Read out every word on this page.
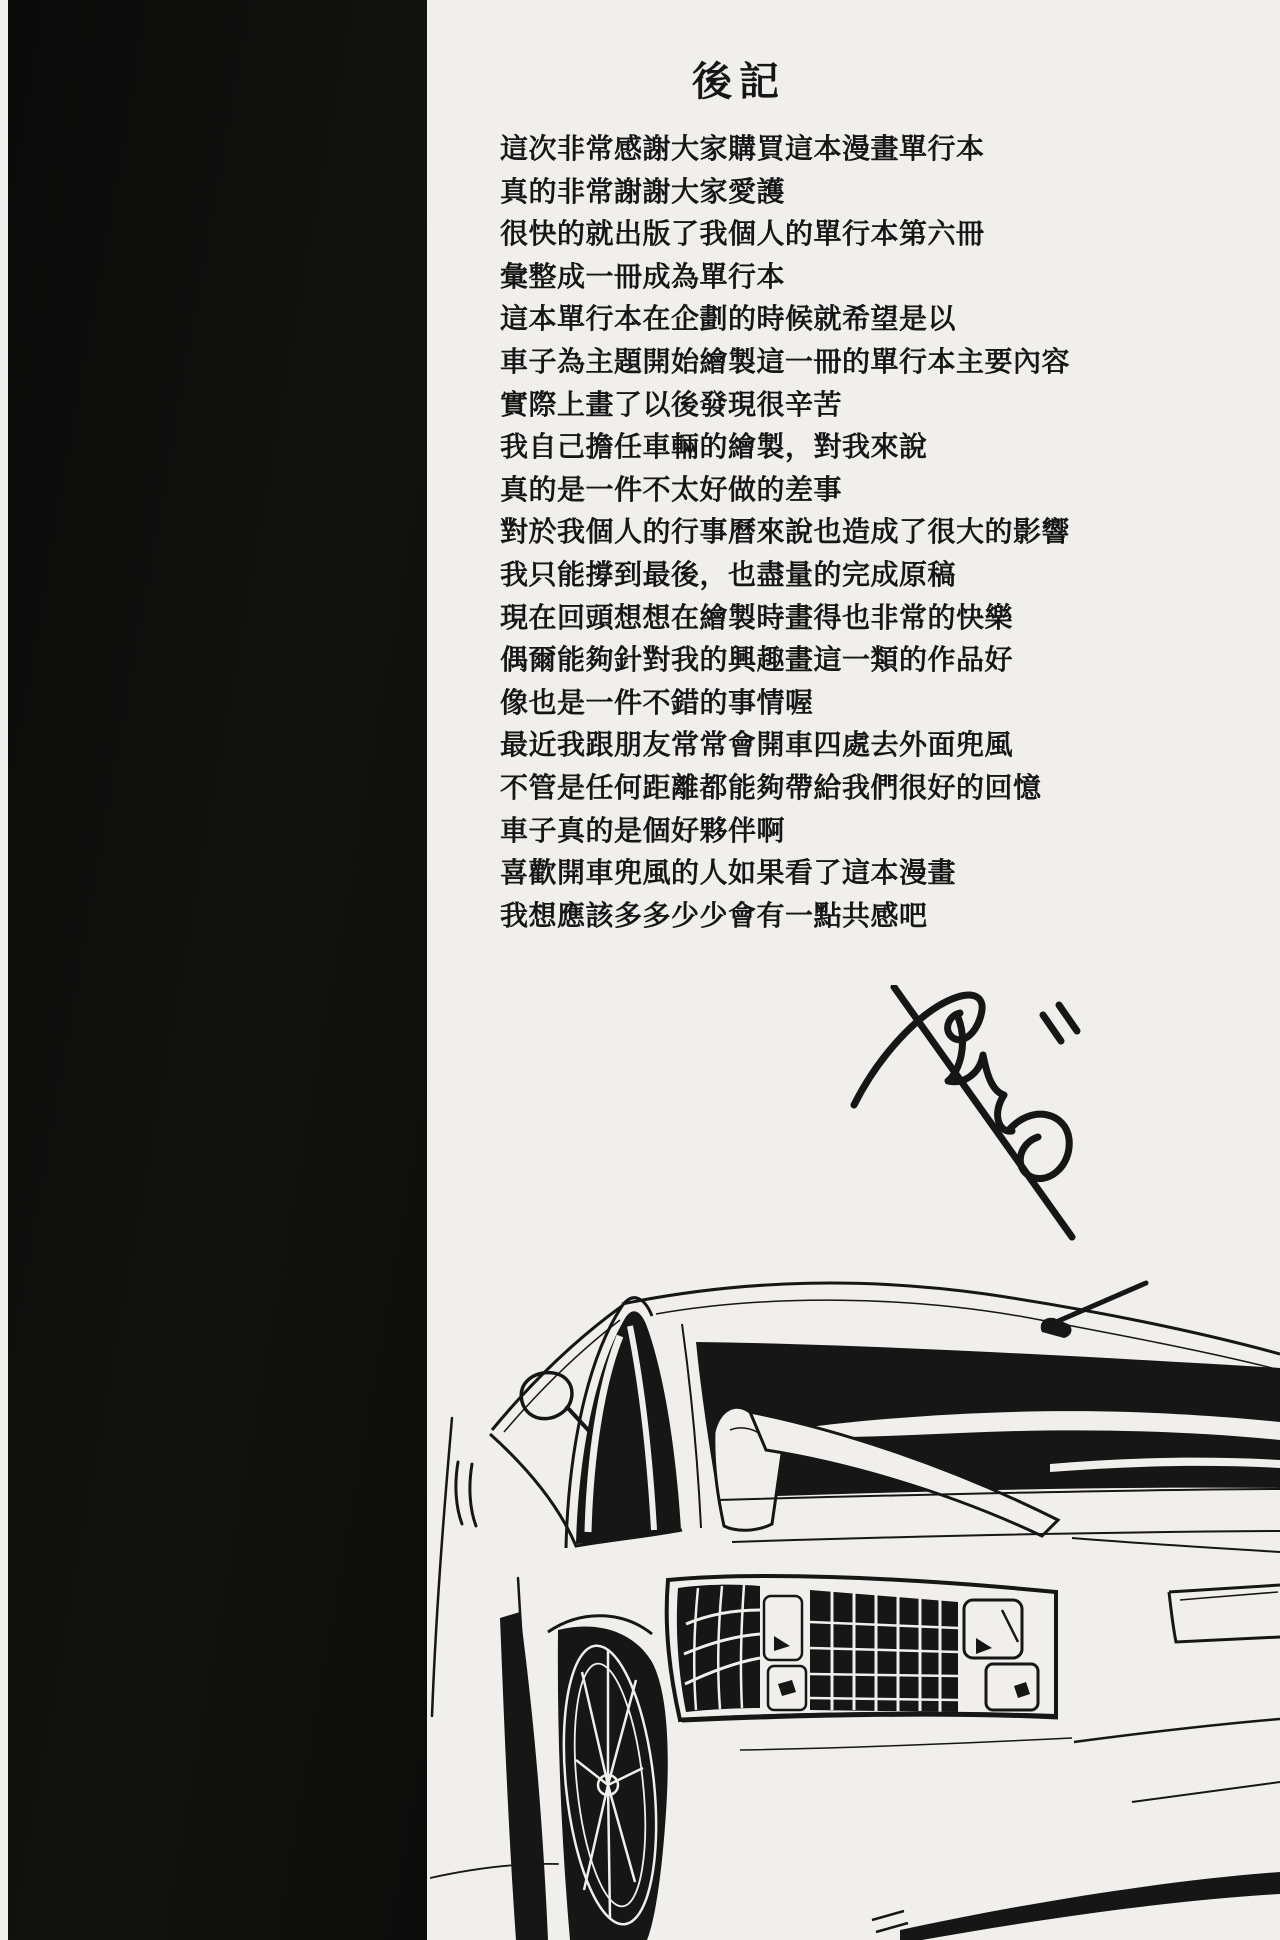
後記
這次非常感謝大家購買這本漫畫單行本
真的非常謝謝大家愛護
很快的就出版了我個人的單行本第六冊
彙整成一冊成為單行本
這本單行本在企劃的時候就希望是以
車子為主題開始繪製這一冊的單行本主要內容
實際上畫了以後發現很辛苦
我自己擔任車輛的繪製，對我來說
真的是一件不太好做的差事
對於我個人的行事曆來說也造成了很大的影響
我只能撐到最後，也盡量的完成原稿
現在回頭想想在繪製時畫得也非常的快樂
偶爾能夠針對我的興趣畫這一類的作品好
像也是一件不錯的事情喔
最近我跟朋友常常會開車四處去外面兜風
不管是任何距離都能夠帶給我們很好的回憶
車子真的是個好夥伴啊
喜歡開車兜風的人如果看了這本漫畫
我想應該多多少少會有一點共感吧
